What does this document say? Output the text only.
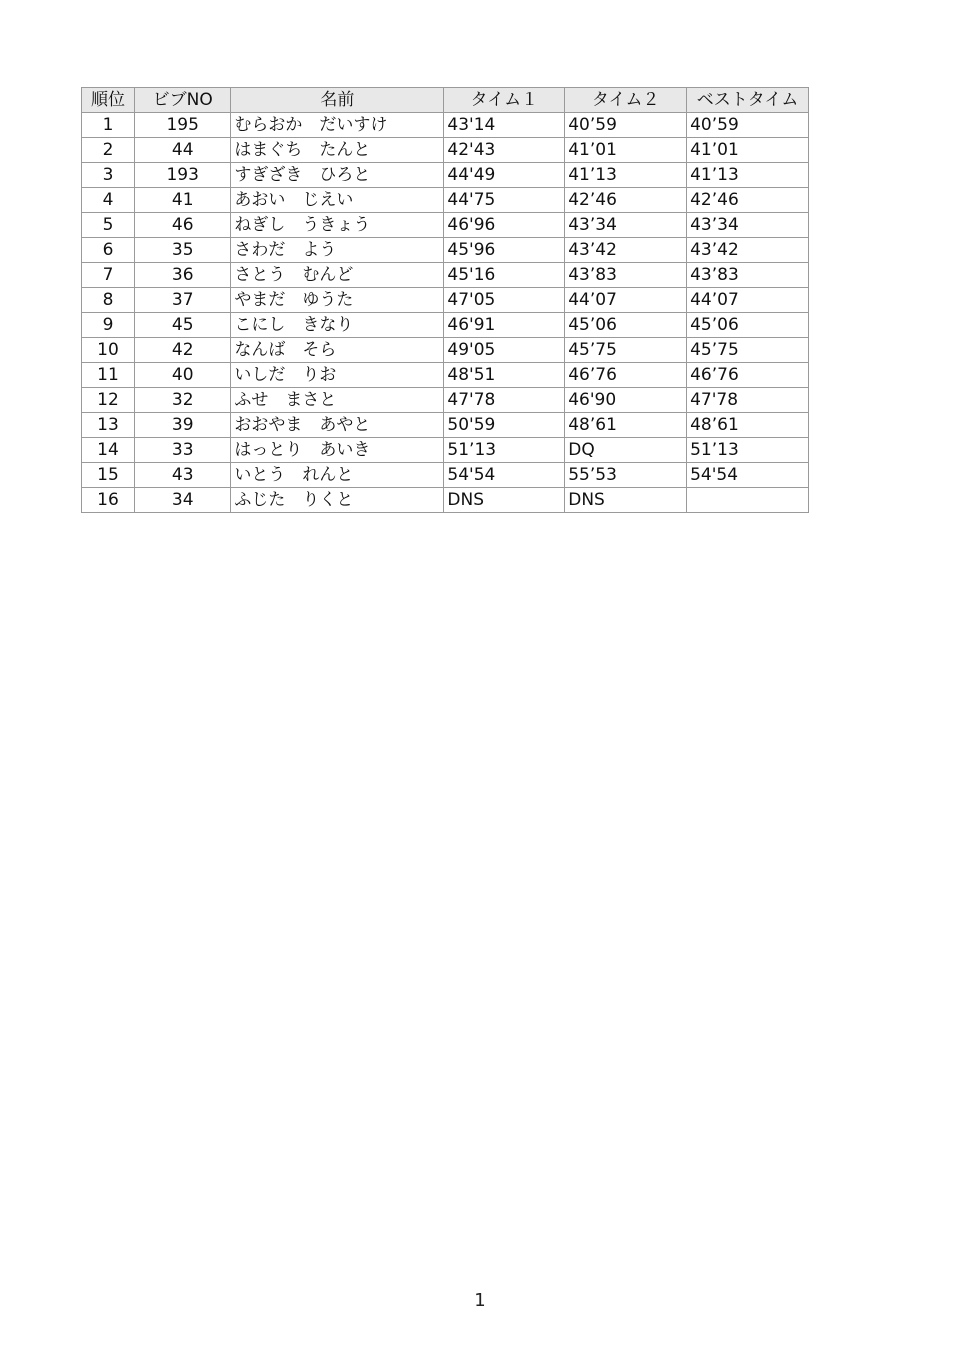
順位	ビブNO	名前	タイム１	タイム２	ベストタイム
1	195	むらおか　だいすけ	43'14	40’59	40’59
2	44	はまぐち　たんと	42'43	41’01	41’01
3	193	すぎざき　ひろと	44'49	41’13	41’13
4	41	あおい　じえい	44'75	42’46	42’46
5	46	ねぎし　うきょう	46'96	43’34	43’34
6	35	さわだ　よう	45'96	43’42	43’42
7	36	さとう　むんど	45'16	43’83	43’83
8	37	やまだ　ゆうた	47'05	44’07	44’07
9	45	こにし　きなり	46'91	45’06	45’06
10	42	なんば　そら	49'05	45’75	45’75
11	40	いしだ　りお	48'51	46’76	46’76
12	32	ふせ　まさと	47'78	46'90	47'78
13	39	おおやま　あやと	50'59	48’61	48’61
14	33	はっとり　あいき	51’13	DQ	51’13
15	43	いとう　れんと	54'54	55’53	54'54
16	34	ふじた　りくと	DNS	DNS	
1
